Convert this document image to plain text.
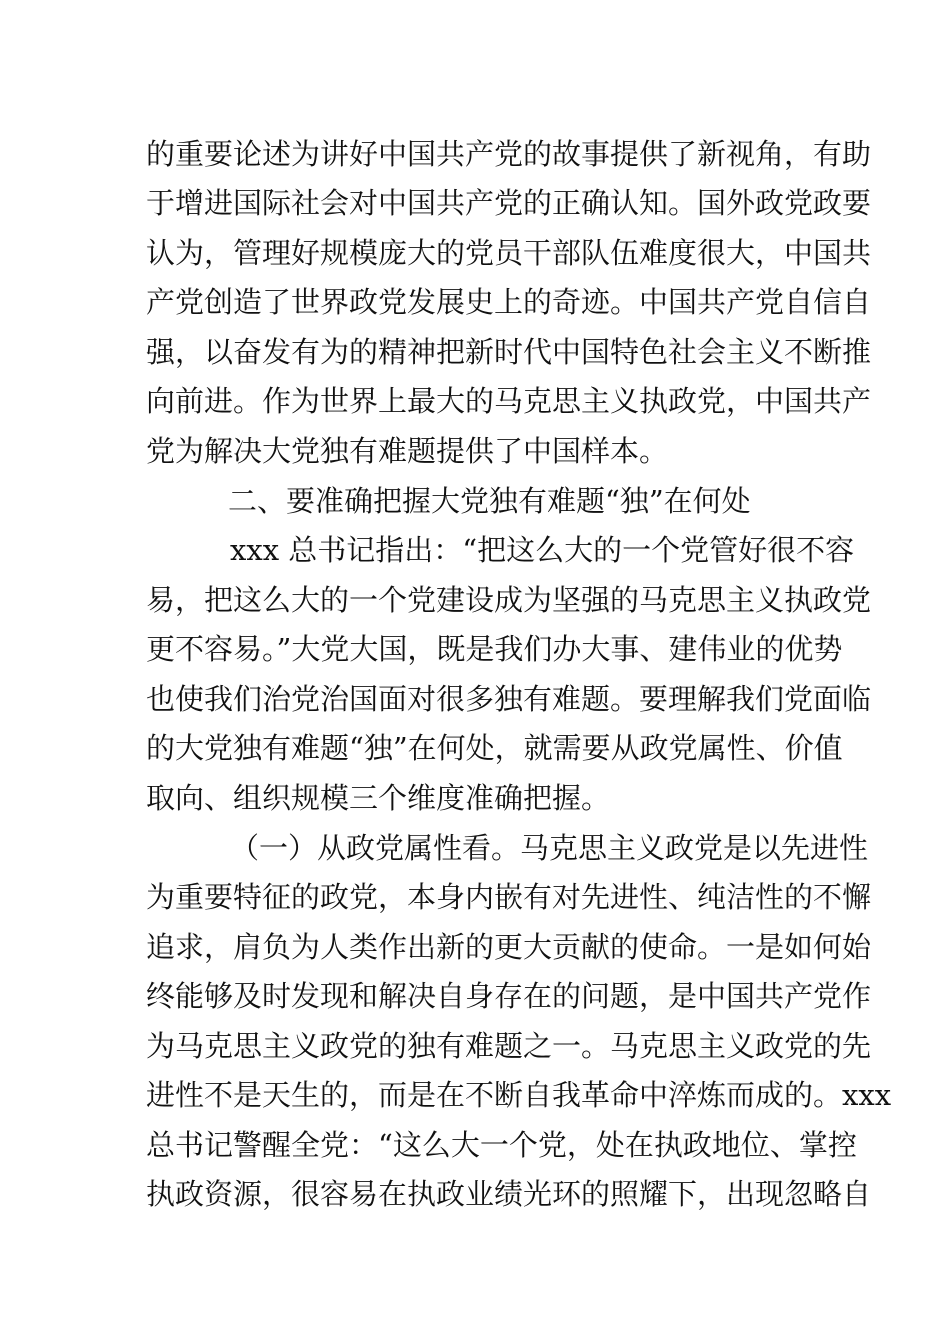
的重要论述为讲好中国共产党的故事提供了新视角，有助
于增进国际社会对中国共产党的正确认知。国外政党政要
认为，管理好规模庞大的党员干部队伍难度很大，中国共
产党创造了世界政党发展史上的奇迹。中国共产党自信自
强，以奋发有为的精神把新时代中国特色社会主义不断推
向前进。作为世界上最大的马克思主义执政党，中国共产
党为解决大党独有难题提供了中国样本。
二、要准确把握大党独有难题“独”在何处
xxx 总书记指出：“把这么大的一个党管好很不容
易，把这么大的一个党建设成为坚强的马克思主义执政党
更不容易。”大党大国，既是我们办大事、建伟业的优势
也使我们治党治国面对很多独有难题。要理解我们党面临
的大党独有难题“独”在何处，就需要从政党属性、价值
取向、组织规模三个维度准确把握。
（一）从政党属性看。马克思主义政党是以先进性
为重要特征的政党，本身内嵌有对先进性、纯洁性的不懈
追求，肩负为人类作出新的更大贡献的使命。一是如何始
终能够及时发现和解决自身存在的问题，是中国共产党作
为马克思主义政党的独有难题之一。马克思主义政党的先
进性不是天生的，而是在不断自我革命中淬炼而成的。xxx
总书记警醒全党：“这么大一个党，处在执政地位、掌控
执政资源，很容易在执政业绩光环的照耀下，出现忽略自
